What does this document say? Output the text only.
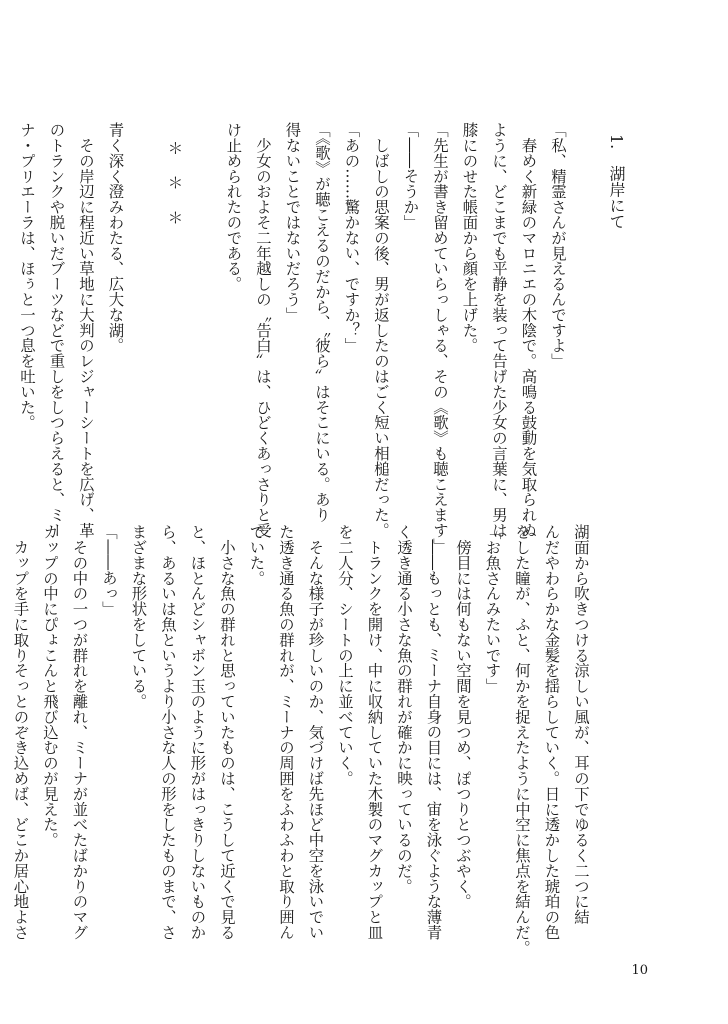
1.　湖岸にて
「私、精霊さんが見えるんですよ」
　春めく新緑のマロニエの木陰で。高鳴る鼓動を気取られぬ
ように、どこまでも平静を装って告げた少女の言葉に、男は
膝にのせた帳面から顔を上げた。
「先生が書き留めていらっしゃる、その《歌》も聴こえます」
「――そうか」
　しばしの思案の後、男が返したのはごく短い相槌だった。
「あの……驚かない、ですか？」
「《歌》が聴こえるのだから、〝彼ら〟はそこにいる。あり
得ないことではないだろう」
　少女のおよそ二年越しの〝告白〟は、ひどくあっさりと受
け止められたのである。
＊　＊　＊
青く深く澄みわたる、広大な湖。
　その岸辺に程近い草地に大判のレジャーシートを広げ、革
のトランクや脱いだブーツなどで重しをしつらえると、ミー
ナ・プリエーラは、ほぅと一つ息を吐いた。
湖面から吹きつける涼しい風が、耳の下でゆるく二つに結
んだやわらかな金髪を揺らしていく。日に透かした琥珀の色
をした瞳が、ふと、何かを捉えたように中空に焦点を結んだ。
「お魚さんみたいです」
　傍目には何もない空間を見つめ、ぽつりとつぶやく。
　――もっとも、ミーナ自身の目には、宙を泳ぐような薄青
く透き通る小さな魚の群れが確かに映っているのだ。
　トランクを開け、中に収納していた木製のマグカップと皿
を二人分、シートの上に並べていく。
　そんな様子が珍しいのか、気づけば先ほど中空を泳いでい
た透き通る魚の群れが、ミーナの周囲をふわふわと取り囲ん
でいた。
　小さな魚の群れと思っていたものは、こうして近くで見る
と、ほとんどシャボン玉のように形がはっきりしないものか
ら、あるいは魚というより小さな人の形をしたものまで、さ
まざまな形状をしている。
「――あっ」
　その中の一つが群れを離れ、ミーナが並べたばかりのマグ
カップの中にぴょこんと飛び込むのが見えた。
　カップを手に取りそっとのぞき込めば、どこか居心地よさ
10
